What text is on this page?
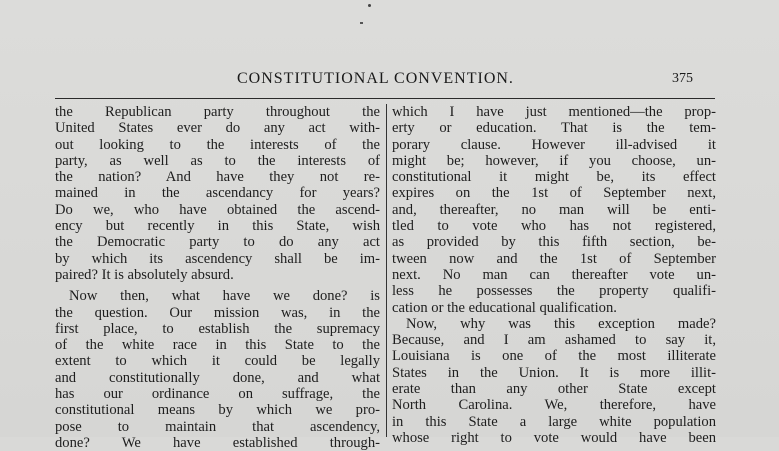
CONSTITUTIONAL CONVENTION.	375
the Republican party throughout the
United States ever do any act with-
out looking to the interests of the
party, as well as to the interests of
the nation? And have they not re-
mained in the ascendancy for years?
Do we, who have obtained the ascend-
ency but recently in this State, wish
the Democratic party to do any act
by which its ascendency shall be im-
paired? It is absolutely absurd.
Now then, what have we done? is
the question. Our mission was, in the
first place, to establish the supremacy
of the white race in this State to the
extent to which it could be legally
and constitutionally done, and what
has our ordinance on suffrage, the
constitutional means by which we pro-
pose to maintain that ascendency,
done? We have established through-
which I have just mentioned—the prop-
erty or education. That is the tem-
porary clause. However ill-advised it
might be; however, if you choose, un-
constitutional it might be, its effect
expires on the 1st of September next,
and, thereafter, no man will be enti-
tled to vote who has not registered,
as provided by this fifth section, be-
tween now and the 1st of September
next. No man can thereafter vote un-
less he possesses the property qualifi-
cation or the educational qualification.
Now, why was this exception made?
Because, and I am ashamed to say it,
Louisiana is one of the most illiterate
States in the Union. It is more illit-
erate than any other State except
North Carolina. We, therefore, have
in this State a large white population
whose right to vote would have been
